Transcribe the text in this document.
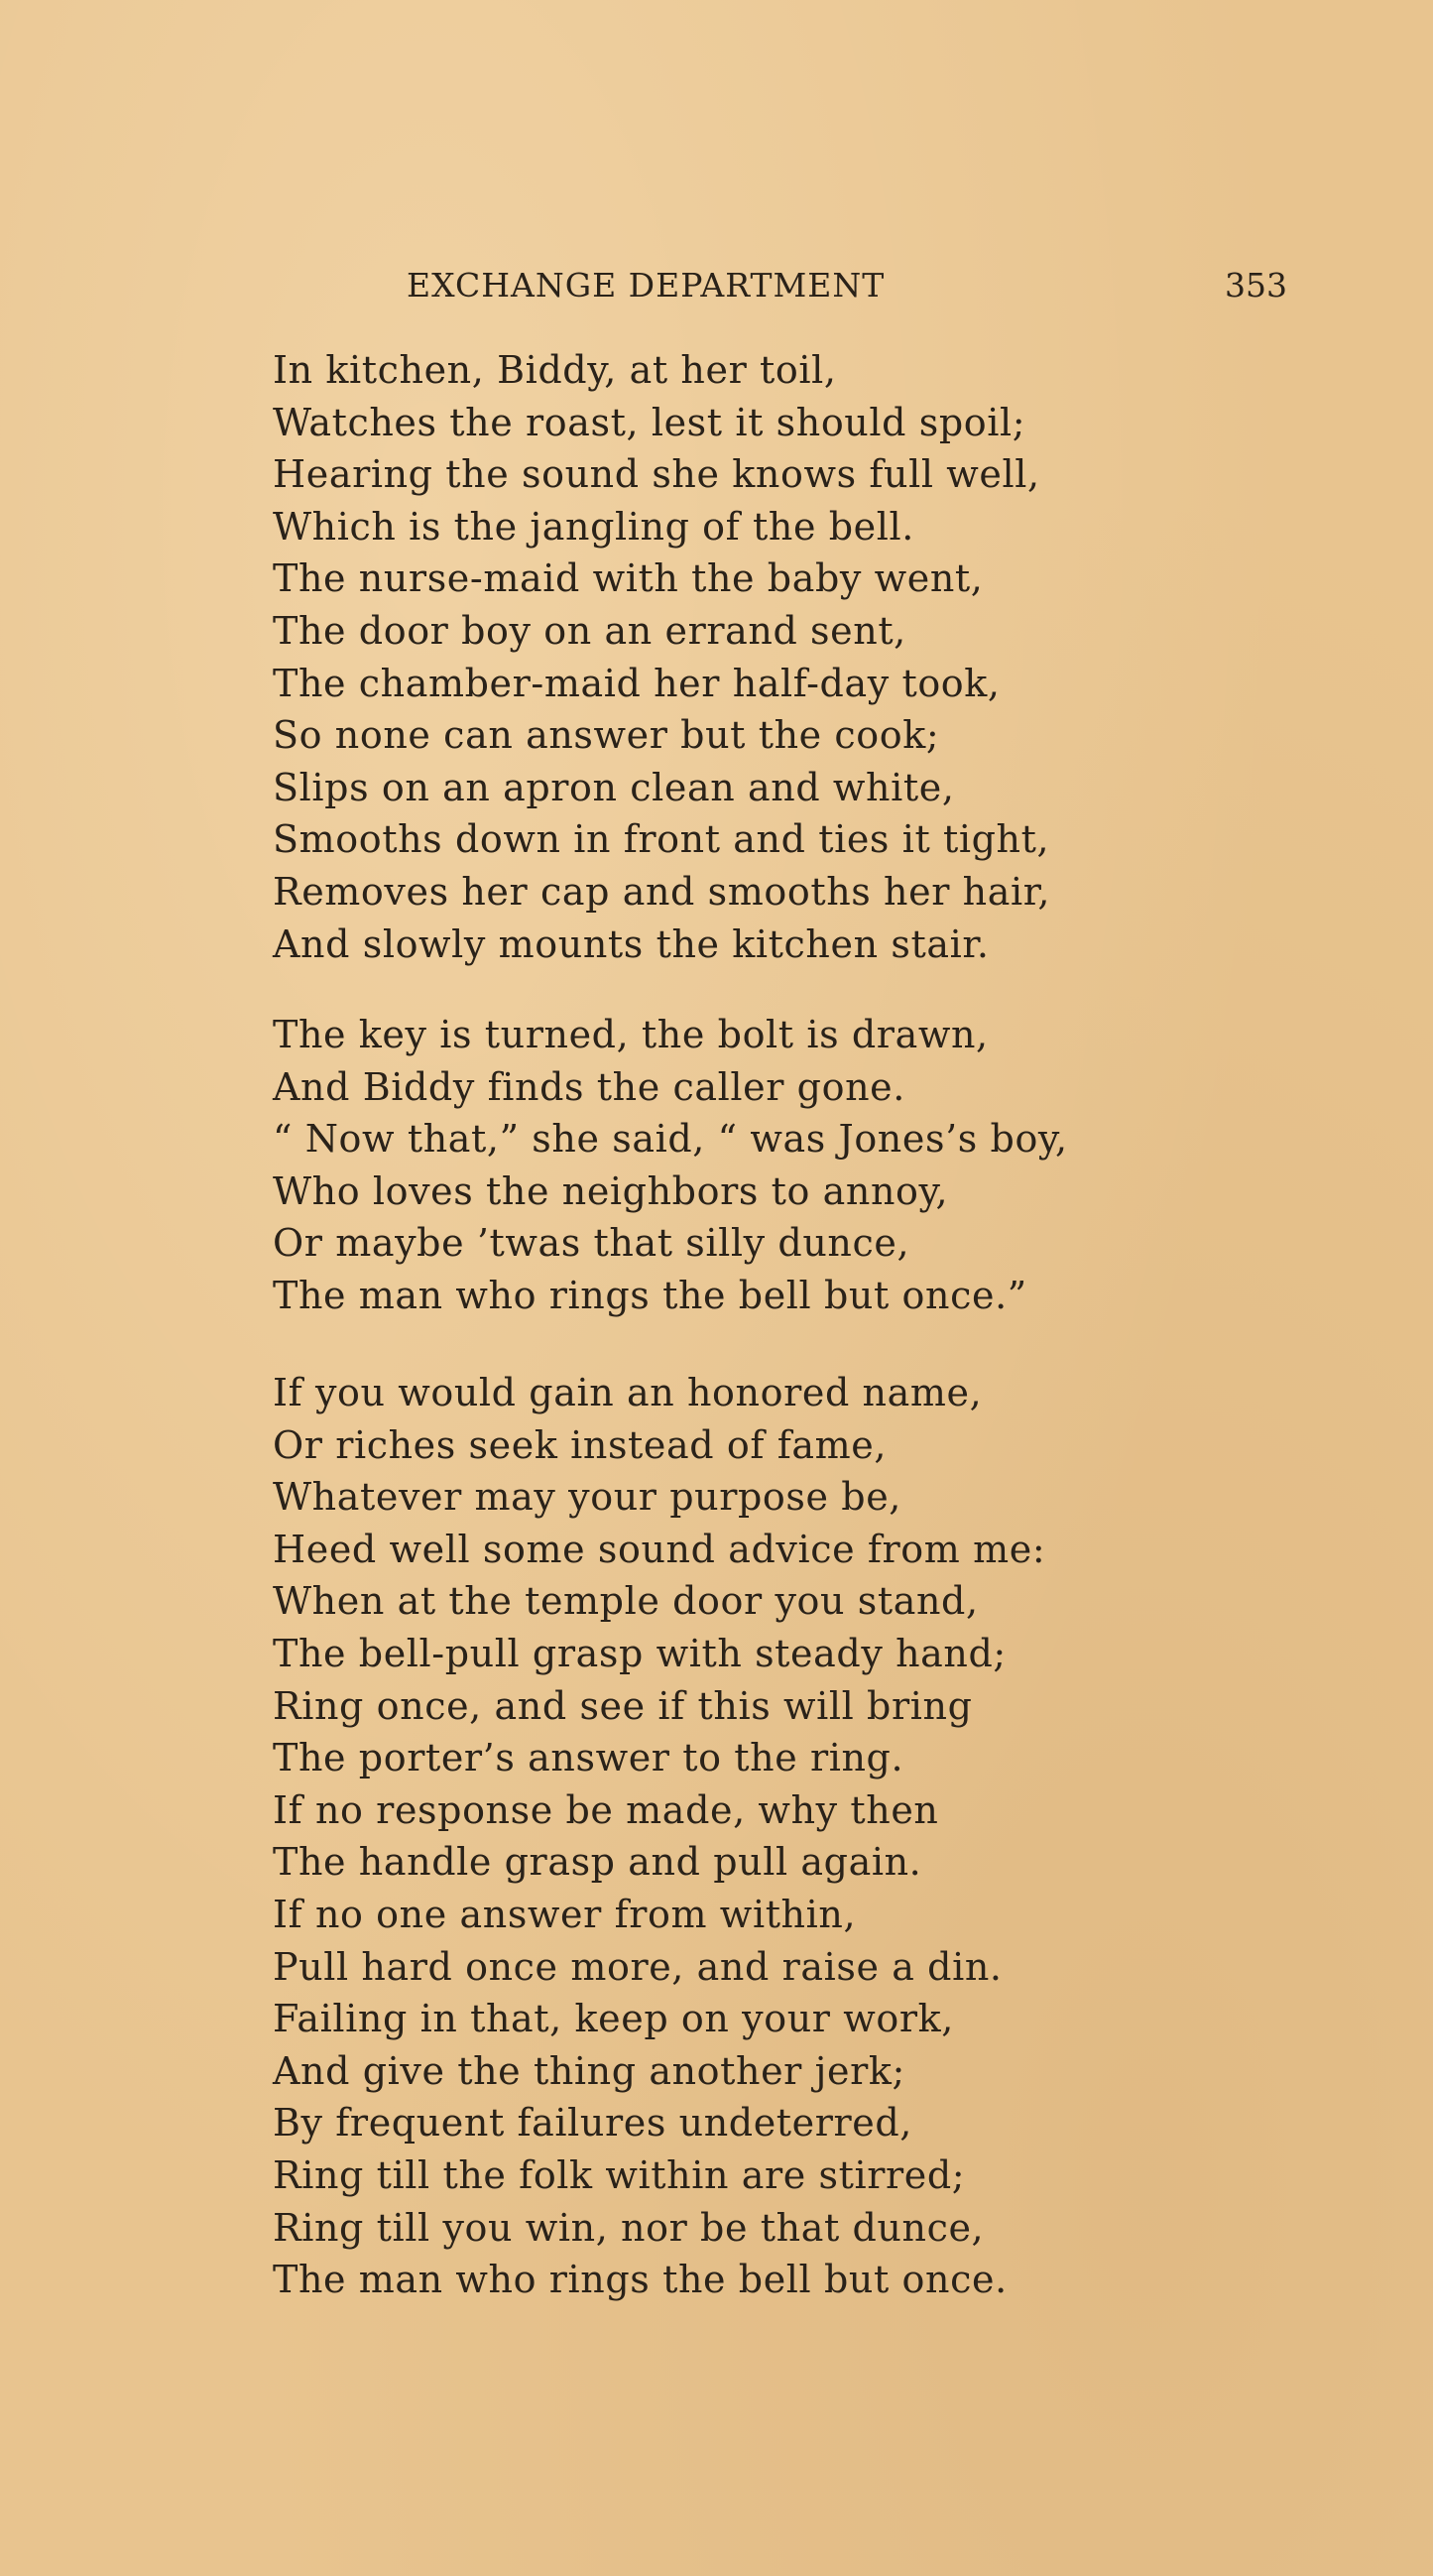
EXCHANGE DEPARTMENT	353
In kitchen, Biddy, at her toil,
Watches the roast, lest it should spoil;
Hearing the sound she knows full well,
Which is the jangling of the bell.
The nurse-maid with the baby went,
The door boy on an errand sent,
The chamber-maid her half-day took,
So none can answer but the cook;
Slips on an apron clean and white,
Smooths down in front and ties it tight,
Removes her cap and smooths her hair,
And slowly mounts the kitchen stair.
The key is turned, the bolt is drawn,
And Biddy finds the caller gone.
“ Now that,” she said, “ was Jones’s boy,
Who loves the neighbors to annoy,
Or maybe ’twas that silly dunce,
The man who rings the bell but once.”
If you would gain an honored name,
Or riches seek instead of fame,
Whatever may your purpose be,
Heed well some sound advice from me:
When at the temple door you stand,
The bell-pull grasp with steady hand;
Ring once, and see if this will bring
The porter’s answer to the ring.
If no response be made, why then
The handle grasp and pull again.
If no one answer from within,
Pull hard once more, and raise a din.
Failing in that, keep on your work,
And give the thing another jerk;
By frequent failures undeterred,
Ring till the folk within are stirred;
Ring till you win, nor be that dunce,
The man who rings the bell but once.
